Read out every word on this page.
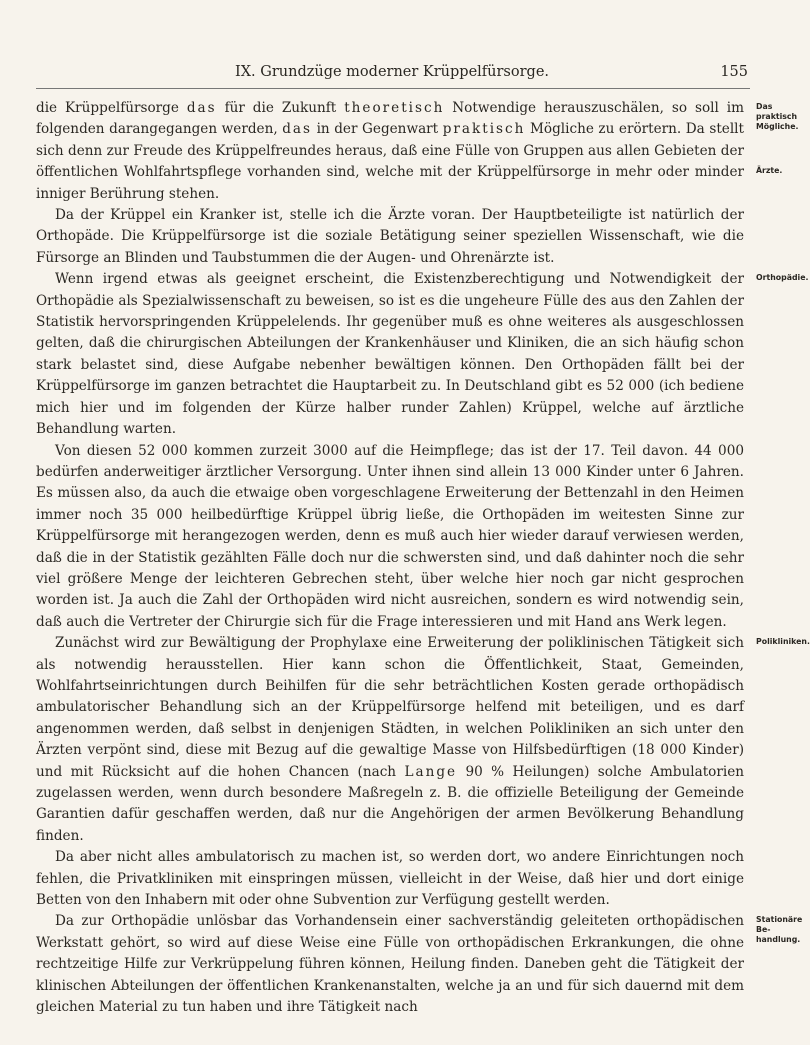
IX. Grundzüge moderner Krüppelfürsorge.	155

die Krüppelfürsorge das für die Zukunft theoretisch Notwendige herauszuschälen, so soll im folgenden darangegangen werden, das in der Gegenwart praktisch Mögliche zu erörtern. Da stellt sich denn zur Freude des Krüppelfreundes heraus, daß eine Fülle von Gruppen aus allen Gebieten der öffentlichen Wohlfahrtspflege vorhanden sind, welche mit der Krüppelfürsorge in mehr oder minder inniger Berührung stehen.

Da der Krüppel ein Kranker ist, stelle ich die Ärzte voran. Der Hauptbeteiligte ist natürlich der Orthopäde. Die Krüppelfürsorge ist die soziale Betätigung seiner speziellen Wissenschaft, wie die Fürsorge an Blinden und Taubstummen die der Augen- und Ohrenärzte ist.

Wenn irgend etwas als geeignet erscheint, die Existenzberechtigung und Notwendigkeit der Orthopädie als Spezialwissenschaft zu beweisen, so ist es die ungeheure Fülle des aus den Zahlen der Statistik hervorspringenden Krüppelelends. Ihr gegenüber muß es ohne weiteres als ausgeschlossen gelten, daß die chirurgischen Abteilungen der Krankenhäuser und Kliniken, die an sich häufig schon stark belastet sind, diese Aufgabe nebenher bewältigen können. Den Orthopäden fällt bei der Krüppelfürsorge im ganzen betrachtet die Hauptarbeit zu. In Deutschland gibt es 52 000 (ich bediene mich hier und im folgenden der Kürze halber runder Zahlen) Krüppel, welche auf ärztliche Behandlung warten.

Von diesen 52 000 kommen zurzeit 3000 auf die Heimpflege; das ist der 17. Teil davon. 44 000 bedürfen anderweitiger ärztlicher Versorgung. Unter ihnen sind allein 13 000 Kinder unter 6 Jahren. Es müssen also, da auch die etwaige oben vorgeschlagene Erweiterung der Bettenzahl in den Heimen immer noch 35 000 heilbedürftige Krüppel übrig ließe, die Orthopäden im weitesten Sinne zur Krüppelfürsorge mit herangezogen werden, denn es muß auch hier wieder darauf verwiesen werden, daß die in der Statistik gezählten Fälle doch nur die schwersten sind, und daß dahinter noch die sehr viel größere Menge der leichteren Gebrechen steht, über welche hier noch gar nicht gesprochen worden ist. Ja auch die Zahl der Orthopäden wird nicht ausreichen, sondern es wird notwendig sein, daß auch die Vertreter der Chirurgie sich für die Frage interessieren und mit Hand ans Werk legen.

Zunächst wird zur Bewältigung der Prophylaxe eine Erweiterung der poliklinischen Tätigkeit sich als notwendig herausstellen. Hier kann schon die Öffentlichkeit, Staat, Gemeinden, Wohlfahrtseinrichtungen durch Beihilfen für die sehr beträchtlichen Kosten gerade orthopädisch ambulatorischer Behandlung sich an der Krüppelfürsorge helfend mit beteiligen, und es darf angenommen werden, daß selbst in denjenigen Städten, in welchen Polikliniken an sich unter den Ärzten verpönt sind, diese mit Bezug auf die gewaltige Masse von Hilfsbedürftigen (18 000 Kinder) und mit Rücksicht auf die hohen Chancen (nach Lange 90 % Heilungen) solche Ambulatorien zugelassen werden, wenn durch besondere Maßregeln z. B. die offizielle Beteiligung der Gemeinde Garantien dafür geschaffen werden, daß nur die Angehörigen der armen Bevölkerung Behandlung finden.

Da aber nicht alles ambulatorisch zu machen ist, so werden dort, wo andere Einrichtungen noch fehlen, die Privatkliniken mit einspringen müssen, vielleicht in der Weise, daß hier und dort einige Betten von den Inhabern mit oder ohne Subvention zur Verfügung gestellt werden.

Da zur Orthopädie unlösbar das Vorhandensein einer sachverständig geleiteten orthopädischen Werkstatt gehört, so wird auf diese Weise eine Fülle von orthopädischen Erkrankungen, die ohne rechtzeitige Hilfe zur Verkrüppelung führen können, Heilung finden. Daneben geht die Tätigkeit der klinischen Abteilungen der öffentlichen Krankenanstalten, welche ja an und für sich dauernd mit dem gleichen Material zu tun haben und ihre Tätigkeit nach

Das praktisch Mögliche.
Ärzte.
Orthopädie.
Polikliniken.
Stationäre Be-handlung.
